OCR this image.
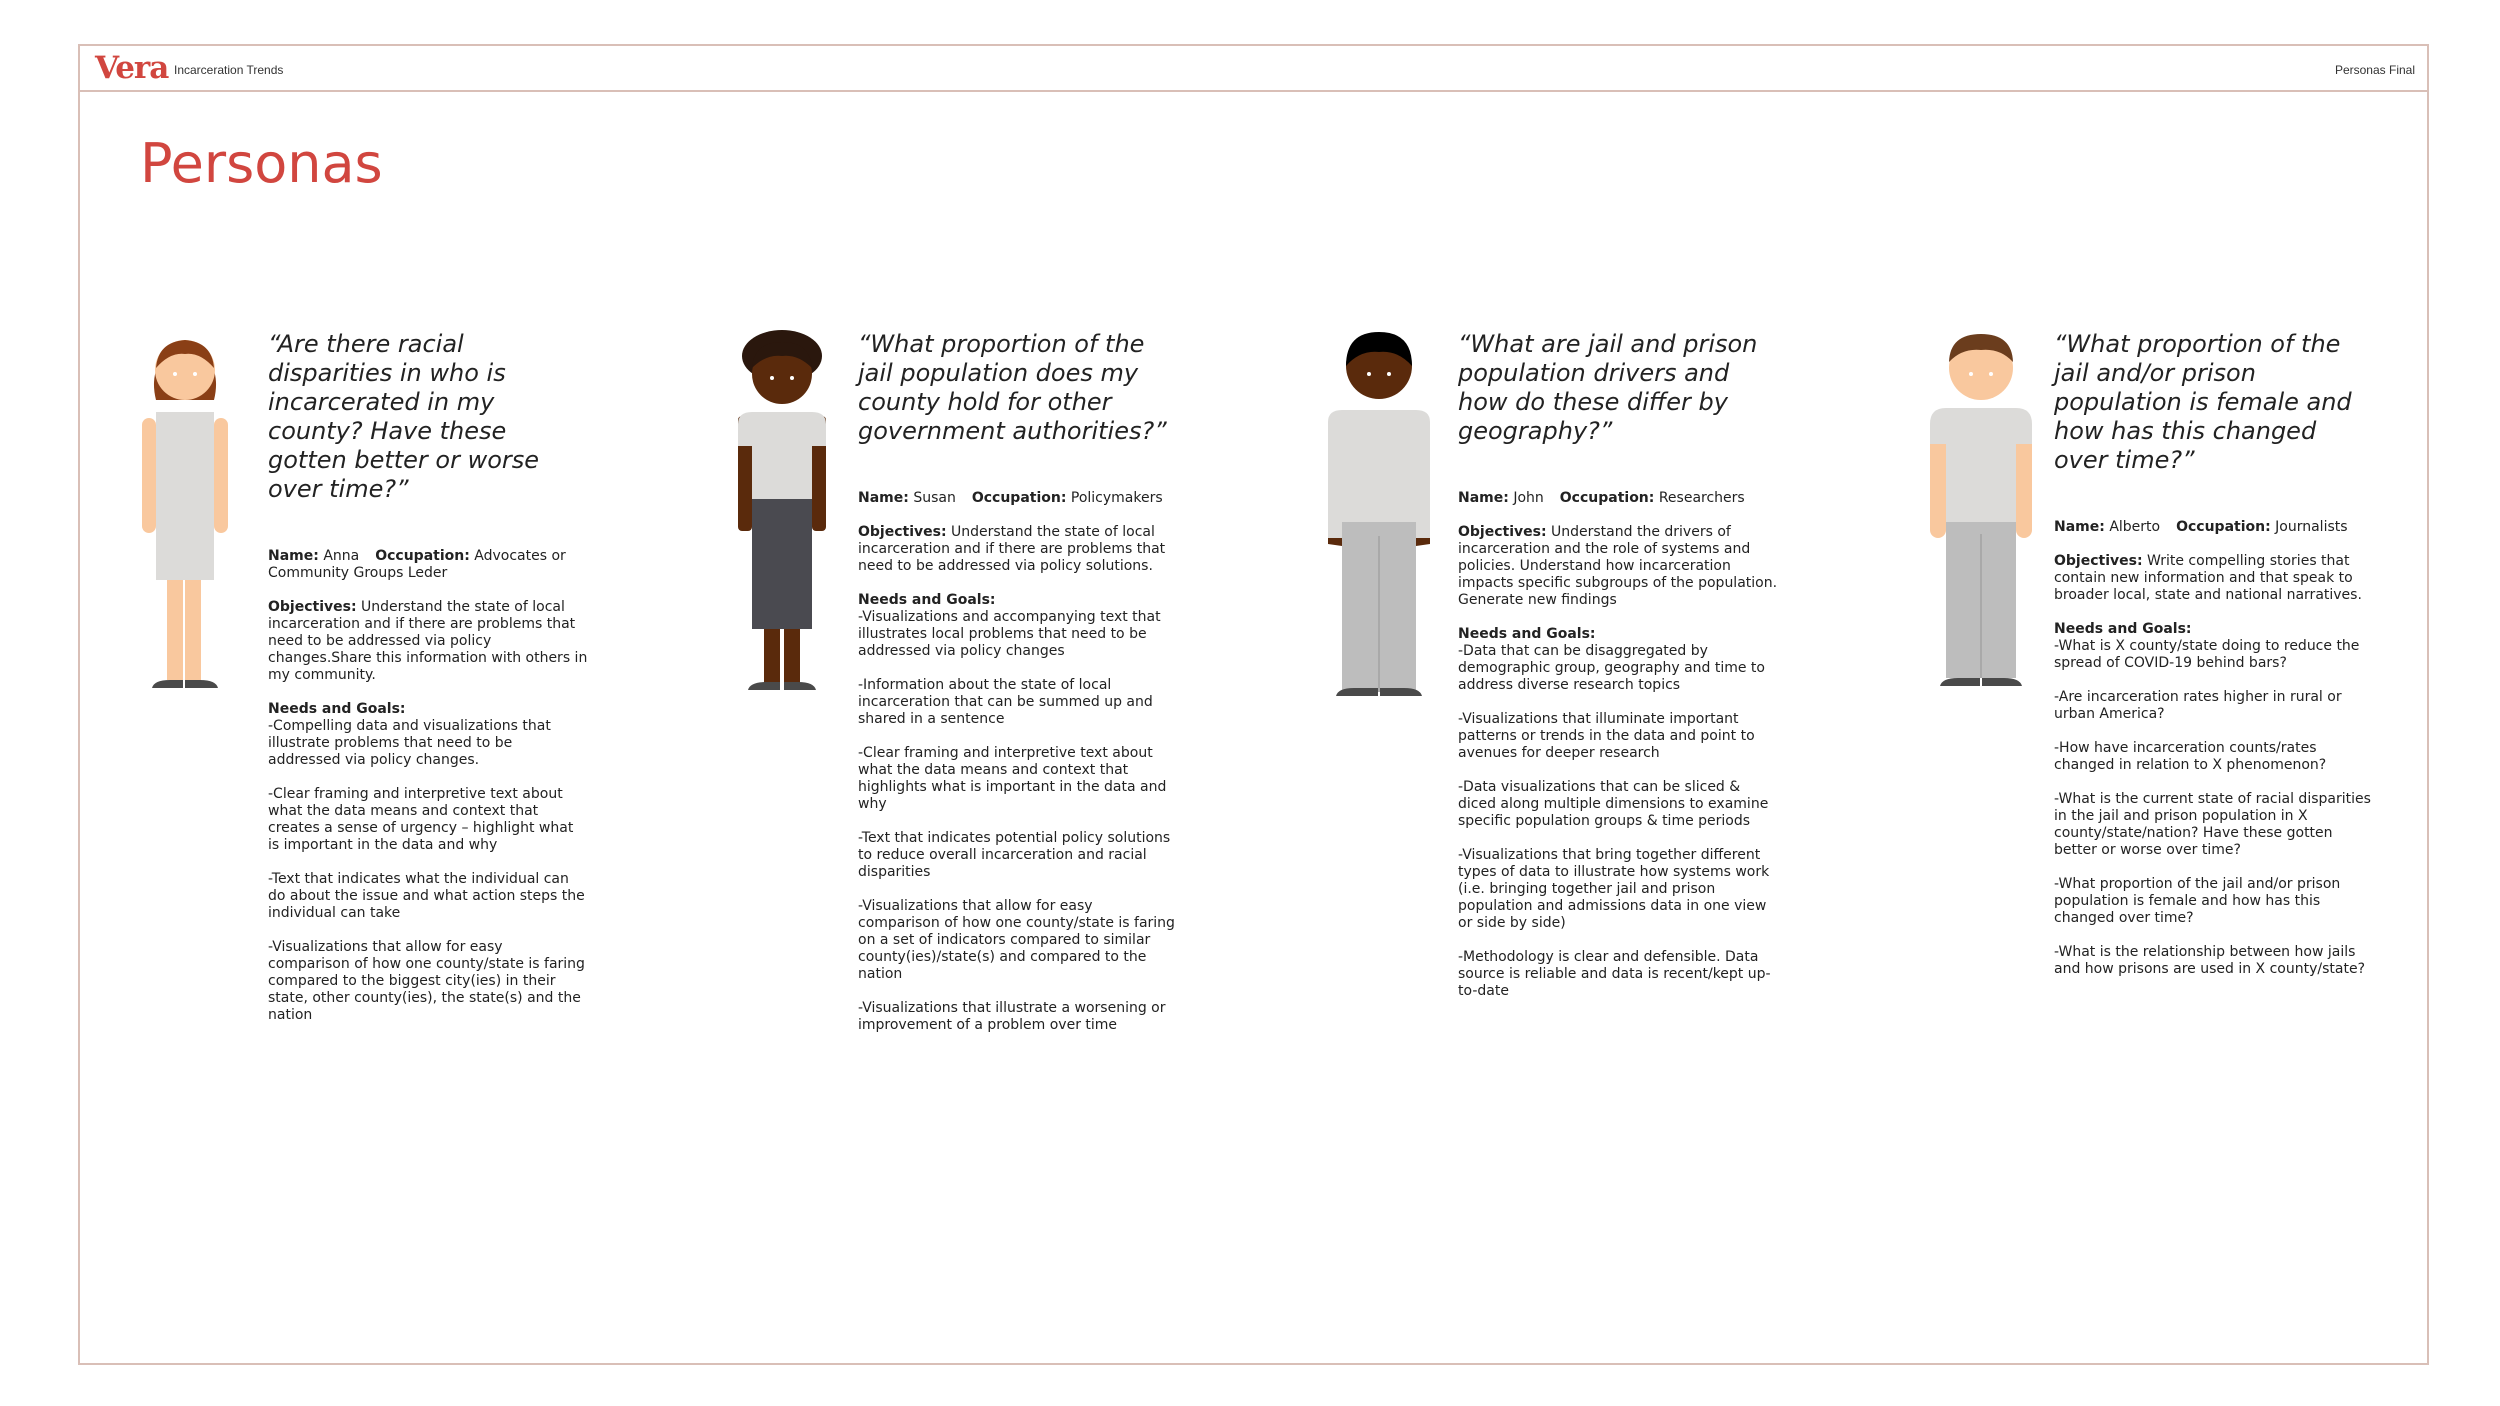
Vera Incarceration Trends	Personas Final
Personas

“Are there racial disparities in who is incarcerated in my county? Have these gotten better or worse over time?”

Name: Anna Occupation: Advocates or Community Groups Leder

Objectives: Understand the state of local incarceration and if there are problems that need to be addressed via policy changes.Share this information with others in my community.

Needs and Goals:

-Compelling data and visualizations that illustrate problems that need to be addressed via policy changes.

-Clear framing and interpretive text about what the data means and context that creates a sense of urgency – highlight what is important in the data and why

-Text that indicates what the individual can do about the issue and what action steps the individual can take

-Visualizations that allow for easy comparison of how one county/state is faring compared to the biggest city(ies) in their state, other county(ies), the state(s) and the nation

“What proportion of the jail population does my county hold for other government authorities?”

Name: Susan Occupation: Policymakers

Objectives: Understand the state of local incarceration and if there are problems that need to be addressed via policy solutions.

Needs and Goals:

-Visualizations and accompanying text that illustrates local problems that need to be addressed via policy changes

-Information about the state of local incarceration that can be summed up and shared in a sentence

-Clear framing and interpretive text about what the data means and context that highlights what is important in the data and why

-Text that indicates potential policy solutions to reduce overall incarceration and racial disparities

-Visualizations that allow for easy comparison of how one county/state is faring on a set of indicators compared to similar county(ies)/state(s) and compared to the nation

-Visualizations that illustrate a worsening or improvement of a problem over time

“What are jail and prison population drivers and how do these differ by geography?”

Name: John Occupation: Researchers

Objectives: Understand the drivers of incarceration and the role of systems and policies. Understand how incarceration impacts specific subgroups of the population. Generate new findings

Needs and Goals:

-Data that can be disaggregated by demographic group, geography and time to address diverse research topics

-Visualizations that illuminate important patterns or trends in the data and point to avenues for deeper research

-Data visualizations that can be sliced & diced along multiple dimensions to examine specific population groups & time periods

-Visualizations that bring together different types of data to illustrate how systems work (i.e. bringing together jail and prison population and admissions data in one view or side by side)

-Methodology is clear and defensible. Data source is reliable and data is recent/kept up-to-date

“What proportion of the jail and/or prison population is female and how has this changed over time?”

Name: Alberto Occupation: Journalists

Objectives: Write compelling stories that contain new information and that speak to broader local, state and national narratives.

Needs and Goals:

-What is X county/state doing to reduce the spread of COVID-19 behind bars?

-Are incarceration rates higher in rural or urban America?

-How have incarceration counts/rates changed in relation to X phenomenon?

-What is the current state of racial disparities in the jail and prison population in X county/state/nation? Have these gotten better or worse over time?

-What proportion of the jail and/or prison population is female and how has this changed over time?

-What is the relationship between how jails and how prisons are used in X county/state?
